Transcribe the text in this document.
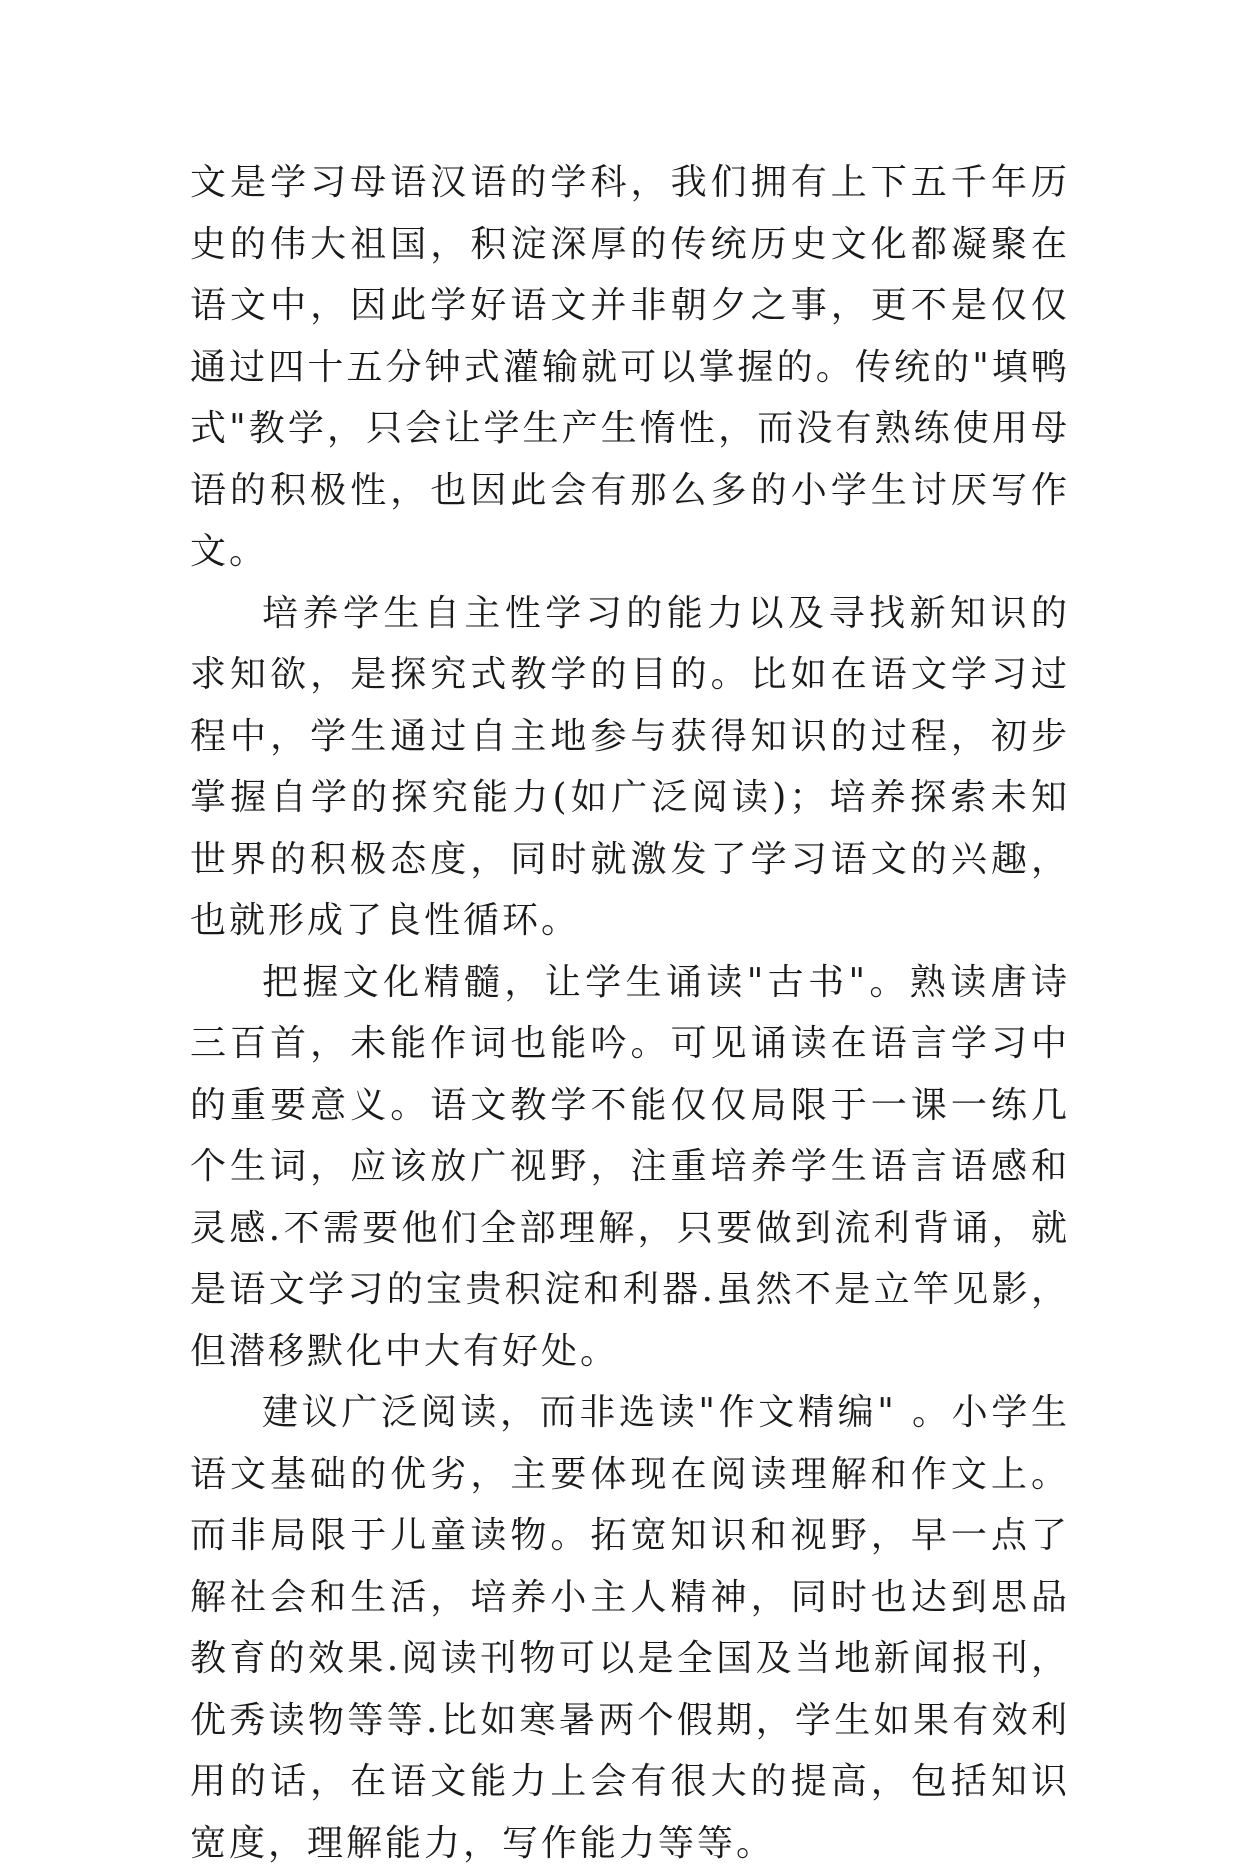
文是学习母语汉语的学科，我们拥有上下五千年历史的伟大祖国，积淀深厚的传统历史文化都凝聚在语文中，因此学好语文并非朝夕之事，更不是仅仅通过四十五分钟式灌输就可以掌握的。传统的"填鸭式"教学，只会让学生产生惰性，而没有熟练使用母语的积极性，也因此会有那么多的小学生讨厌写作文。

培养学生自主性学习的能力以及寻找新知识的求知欲，是探究式教学的目的。比如在语文学习过程中，学生通过自主地参与获得知识的过程，初步掌握自学的探究能力(如广泛阅读)；培养探索未知世界的积极态度，同时就激发了学习语文的兴趣，也就形成了良性循环。

把握文化精髓，让学生诵读"古书"。熟读唐诗三百首，未能作词也能吟。可见诵读在语言学习中的重要意义。语文教学不能仅仅局限于一课一练几个生词，应该放广视野，注重培养学生语言语感和灵感.不需要他们全部理解，只要做到流利背诵，就是语文学习的宝贵积淀和利器.虽然不是立竿见影，但潜移默化中大有好处。

建议广泛阅读，而非选读"作文精编" 。小学生语文基础的优劣，主要体现在阅读理解和作文上。而非局限于儿童读物。拓宽知识和视野，早一点了解社会和生活，培养小主人精神，同时也达到思品教育的效果.阅读刊物可以是全国及当地新闻报刊，优秀读物等等.比如寒暑两个假期，学生如果有效利用的话，在语文能力上会有很大的提高，包括知识宽度，理解能力，写作能力等等。
